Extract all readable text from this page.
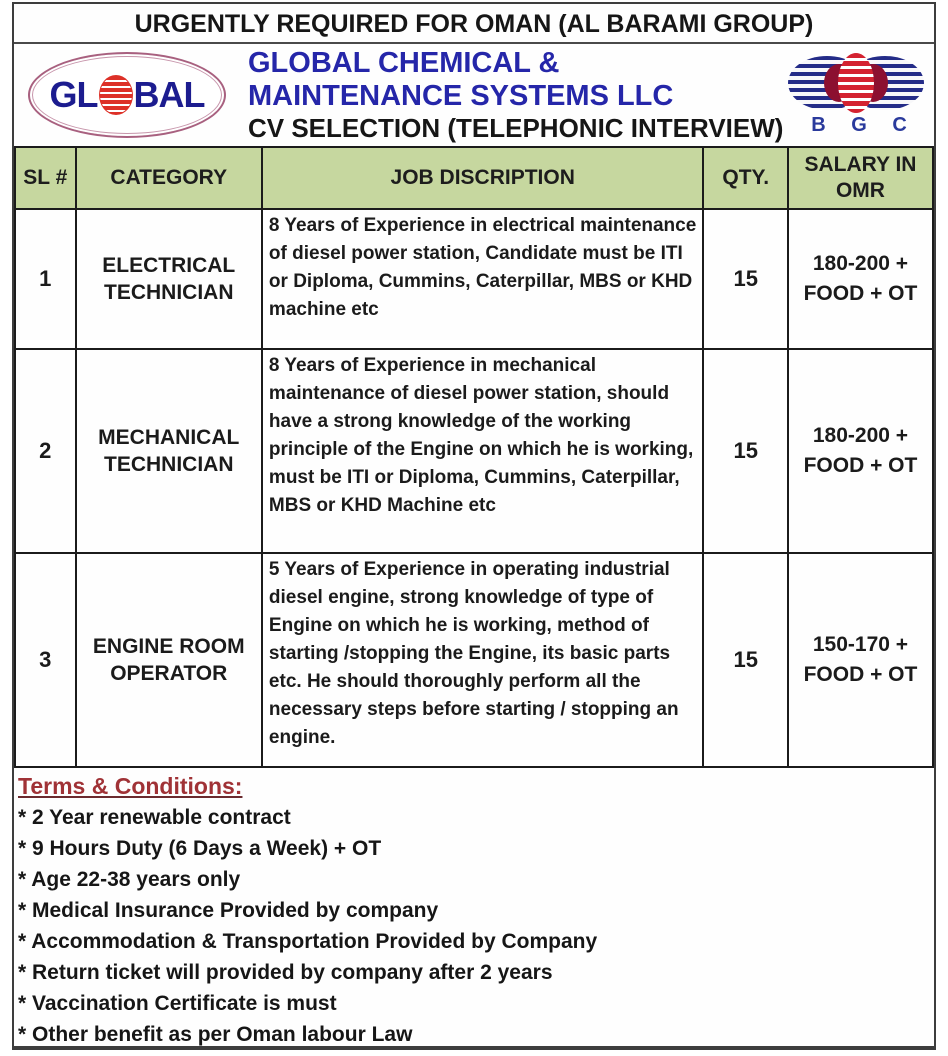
URGENTLY REQUIRED FOR OMAN (AL BARAMI GROUP)
GL BAL
GLOBAL CHEMICAL &
MAINTENANCE SYSTEMS LLC
CV SELECTION (TELEPHONIC INTERVIEW)	B G C
SL #	CATEGORY	JOB DISCRIPTION	QTY.	SALARY IN OMR
1	ELECTRICAL TECHNICIAN	8 Years of Experience in electrical maintenance of diesel power station, Candidate must be ITI or Diploma, Cummins, Caterpillar, MBS or KHD machine etc	15	180-200 + FOOD + OT
2	MECHANICAL TECHNICIAN	8 Years of Experience in mechanical maintenance of diesel power station, should have a strong knowledge of the working principle of the Engine on which he is working, must be ITI or Diploma, Cummins, Caterpillar, MBS or KHD Machine etc	15	180-200 + FOOD + OT
3	ENGINE ROOM OPERATOR	5 Years of Experience in operating industrial diesel engine, strong knowledge of type of Engine on which he is working, method of starting /stopping the Engine, its basic parts etc. He should thoroughly perform all the necessary steps before starting / stopping an engine.	15	150-170 + FOOD + OT
Terms & Conditions:
* 2 Year renewable contract
* 9 Hours Duty (6 Days a Week) + OT
* Age 22-38 years only
* Medical Insurance Provided by company
* Accommodation & Transportation Provided by Company
* Return ticket will provided by company after 2 years
* Vaccination Certificate is must
* Other benefit as per Oman labour Law
